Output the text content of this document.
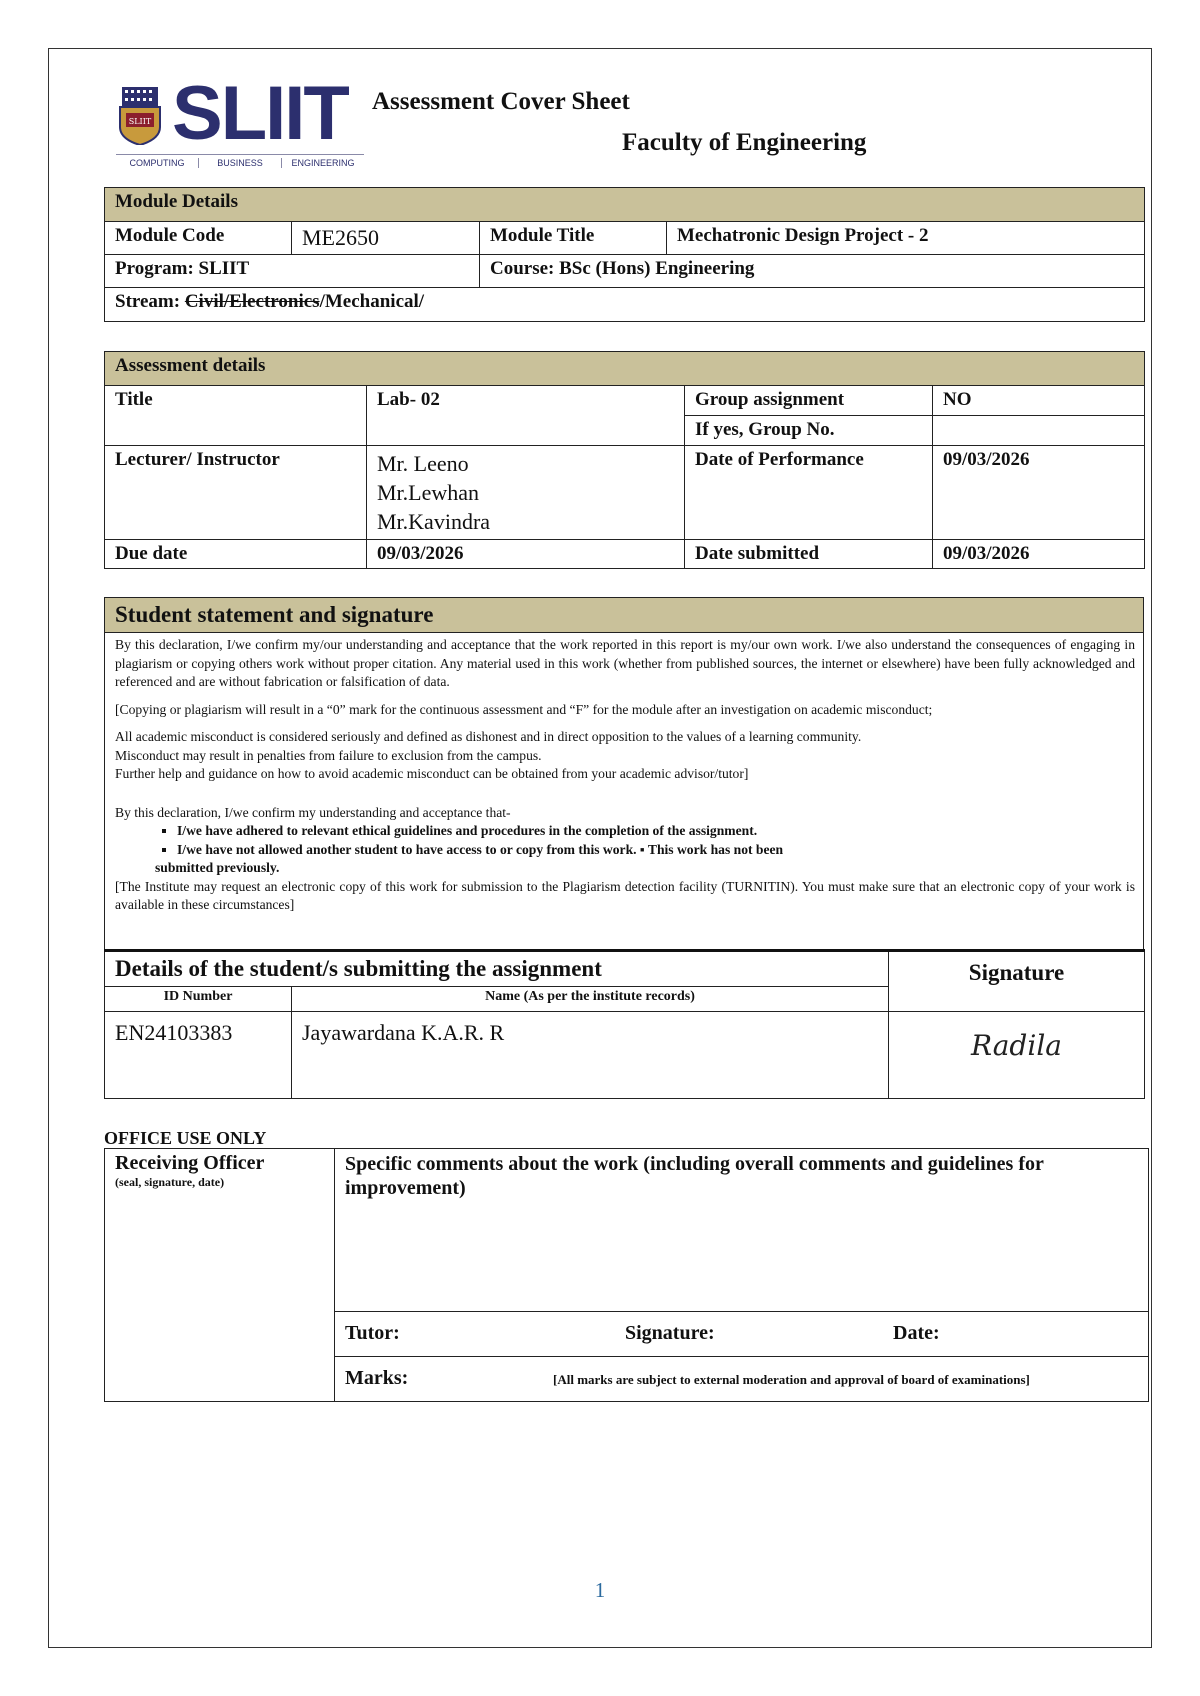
SLIIT SLIIT
COMPUTING	BUSINESS	ENGINEERING
Assessment Cover Sheet
Faculty of Engineering
Module Details			
Module Code	ME2650	Module Title	Mechatronic Design Project - 2
Program: SLIIT		Course: BSc (Hons) Engineering	
Stream: Civil/Electronics/Mechanical/			
Assessment details			
Title	Lab- 02	Group assignment	NO
		If yes, Group No.	
Lecturer/ Instructor	Mr. Leeno
Mr.Lewhan
Mr.Kavindra	Date of Performance	09/03/2026
Due date	09/03/2026	Date submitted	09/03/2026
Student statement and signature

By this declaration, I/we confirm my/our understanding and acceptance that the work reported in this report is my/our own work. I/we also understand the consequences of engaging in plagiarism or copying others work without proper citation. Any material used in this work (whether from published sources, the internet or elsewhere) have been fully acknowledged and referenced and are without fabrication or falsification of data.

[Copying or plagiarism will result in a “0” mark for the continuous assessment and “F” for the module after an investigation on academic misconduct;

All academic misconduct is considered seriously and defined as dishonest and in direct opposition to the values of a learning community.

Misconduct may result in penalties from failure to exclusion from the campus.

Further help and guidance on how to avoid academic misconduct can be obtained from your academic advisor/tutor]

By this declaration, I/we confirm my understanding and acceptance that-

▪ I/we have adhered to relevant ethical guidelines and procedures in the completion of the assignment.
▪ I/we have not allowed another student to have access to or copy from this work. ▪ This work has not been
submitted previously.

[The Institute may request an electronic copy of this work for submission to the Plagiarism detection facility (TURNITIN). You must make sure that an electronic copy of your work is available in these circumstances]

Details of the student/s submitting the assignment		Signature
ID Number	Name (As per the institute records)	
EN24103383	Jayawardana K.A.R. R	Radila
OFFICE USE ONLY
Receiving Officer
(seal, signature, date)

Specific comments about the work (including overall comments and guidelines for improvement)

Tutor:	Signature:	Date:
Marks:	[All marks are subject to external moderation and approval of board of examinations]
1
